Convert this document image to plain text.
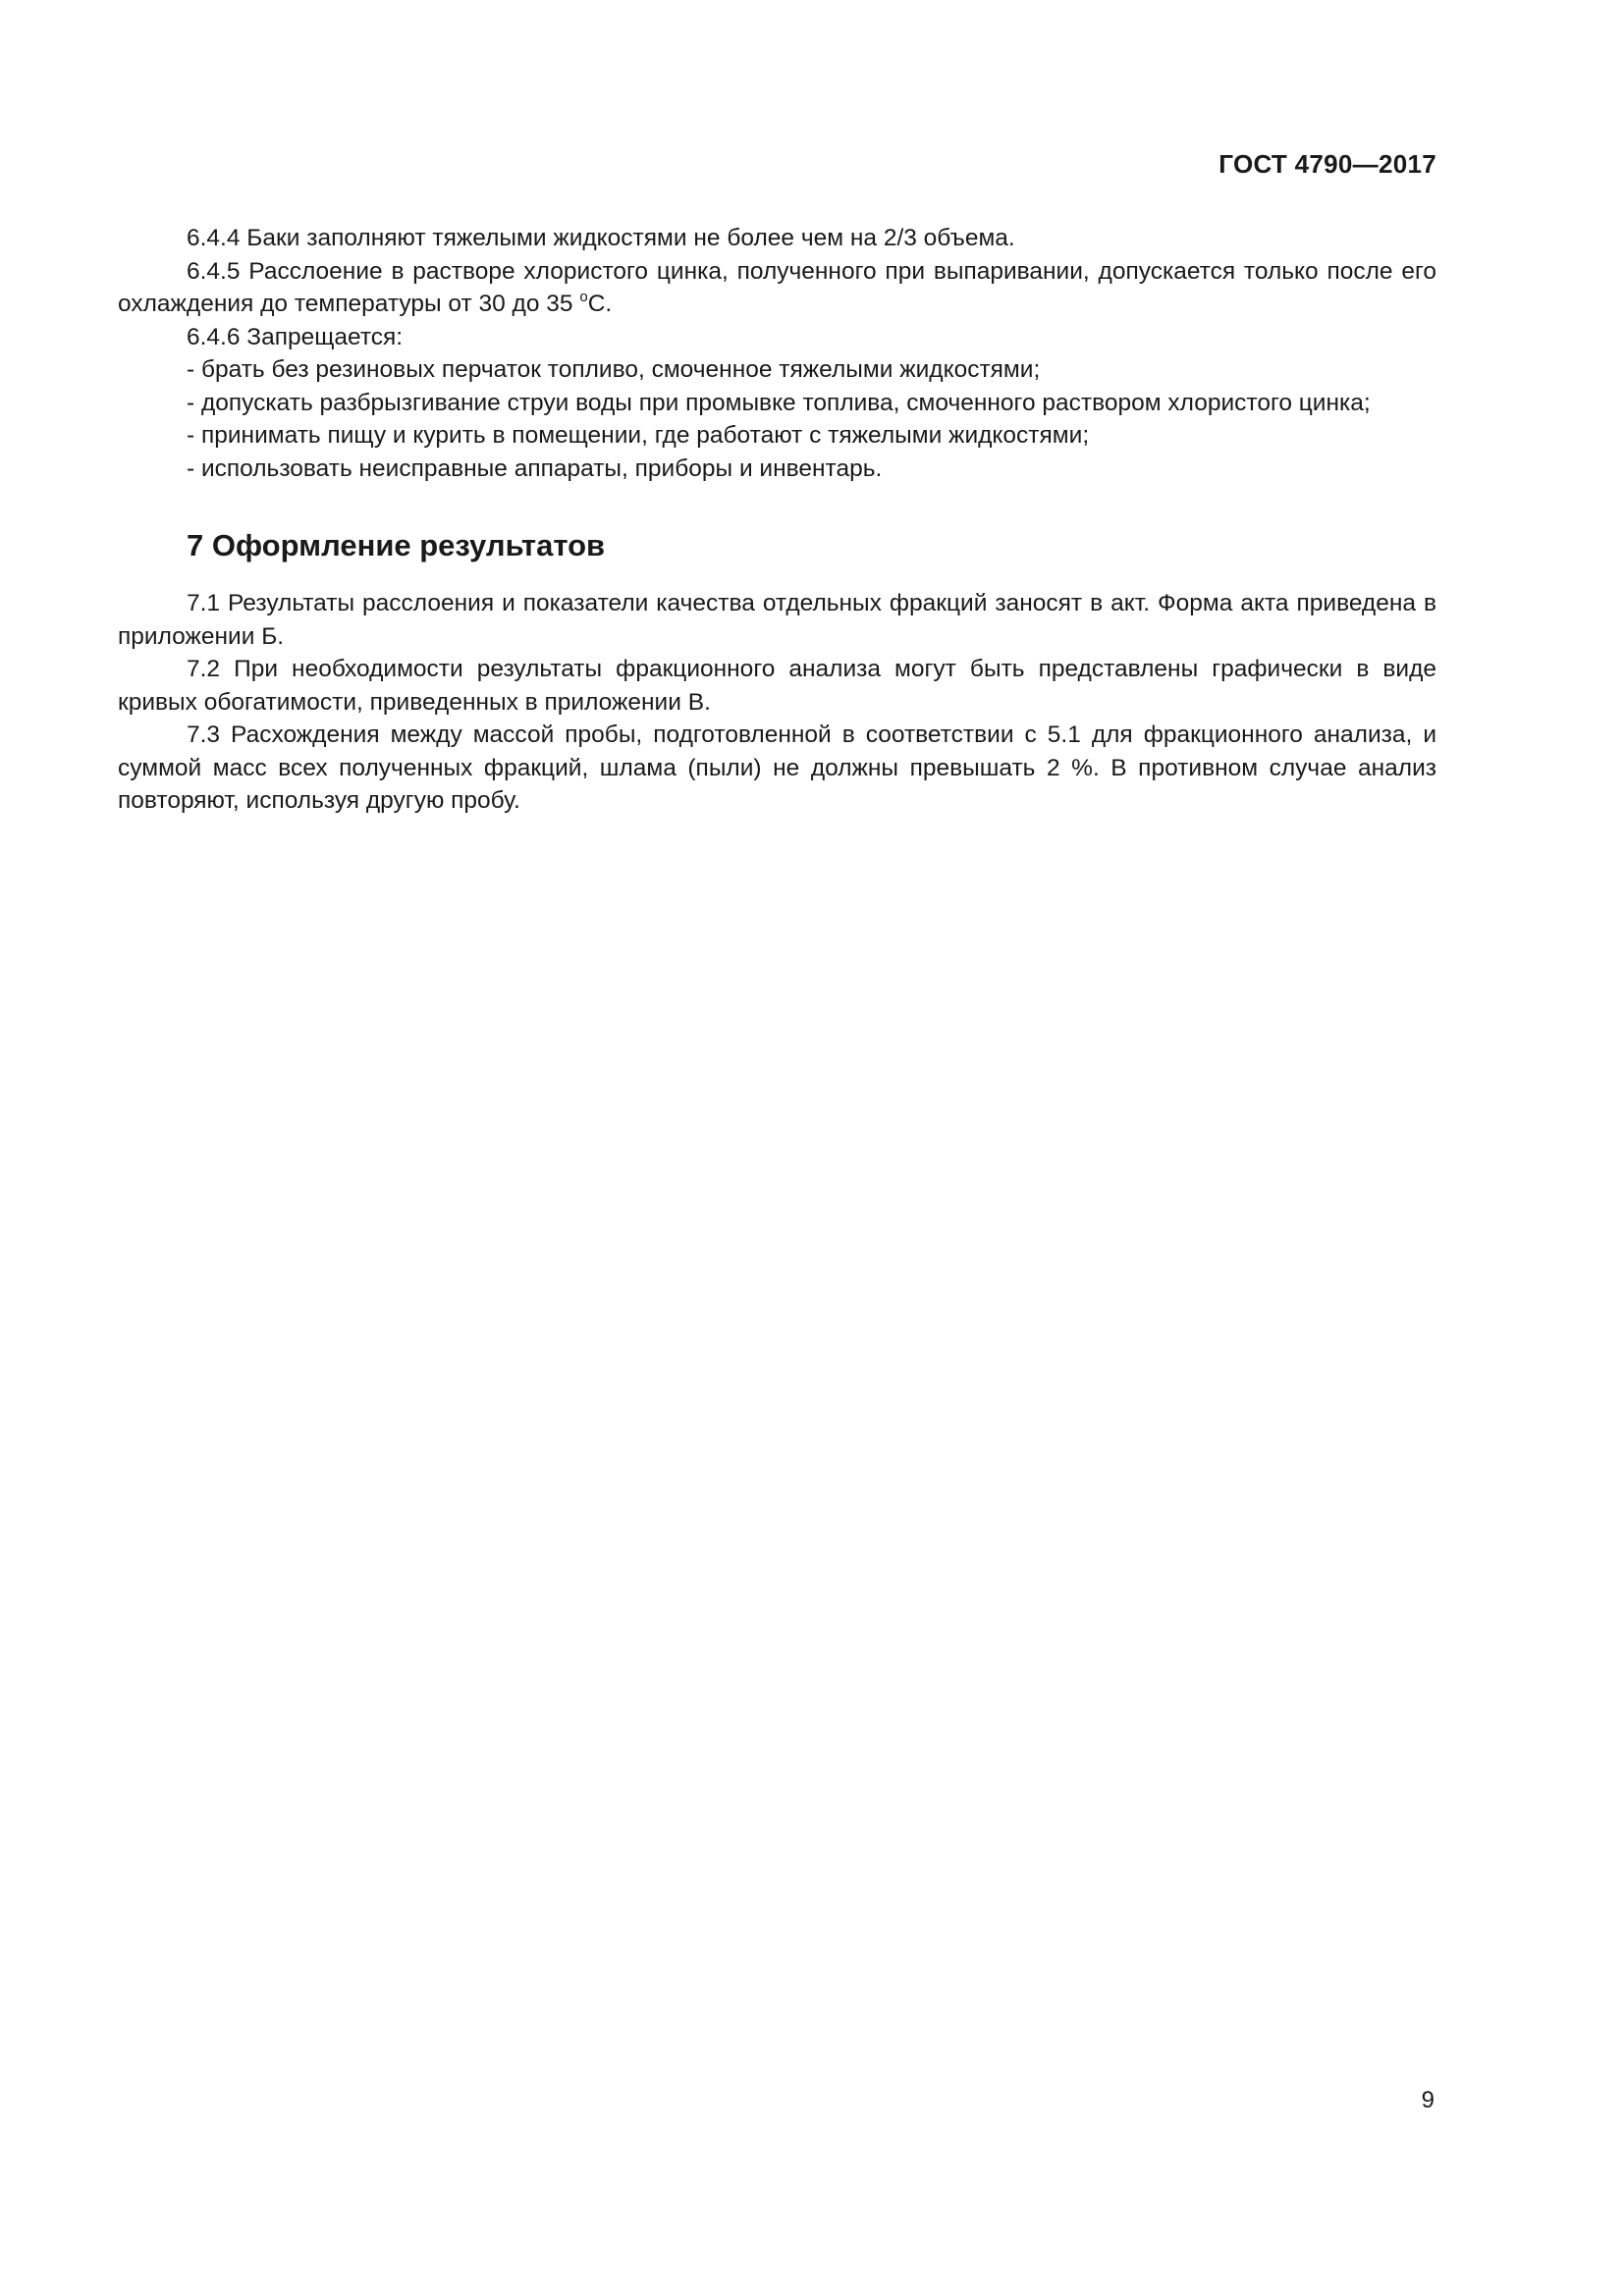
ГОСТ 4790—2017

6.4.4 Баки заполняют тяжелыми жидкостями не более чем на 2/3 объема.

6.4.5 Расслоение в растворе хлористого цинка, полученного при выпаривании, допускается только после его охлаждения до температуры от 30 до 35 $^о$С.

6.4.6 Запрещается:

- брать без резиновых перчаток топливо, смоченное тяжелыми жидкостями;

- допускать разбрызгивание струи воды при промывке топлива, смоченного раствором хлористого цинка;

- принимать пищу и курить в помещении, где работают с тяжелыми жидкостями;

- использовать неисправные аппараты, приборы и инвентарь.

7 Оформление результатов

7.1 Результаты расслоения и показатели качества отдельных фракций заносят в акт. Форма акта приведена в приложении Б.

7.2 При необходимости результаты фракционного анализа могут быть представлены графически в виде кривых обогатимости, приведенных в приложении В.

7.3 Расхождения между массой пробы, подготовленной в соответствии с 5.1 для фракционного анализа, и суммой масс всех полученных фракций, шлама (пыли) не должны превышать 2 %. В противном случае анализ повторяют, используя другую пробу.

9
